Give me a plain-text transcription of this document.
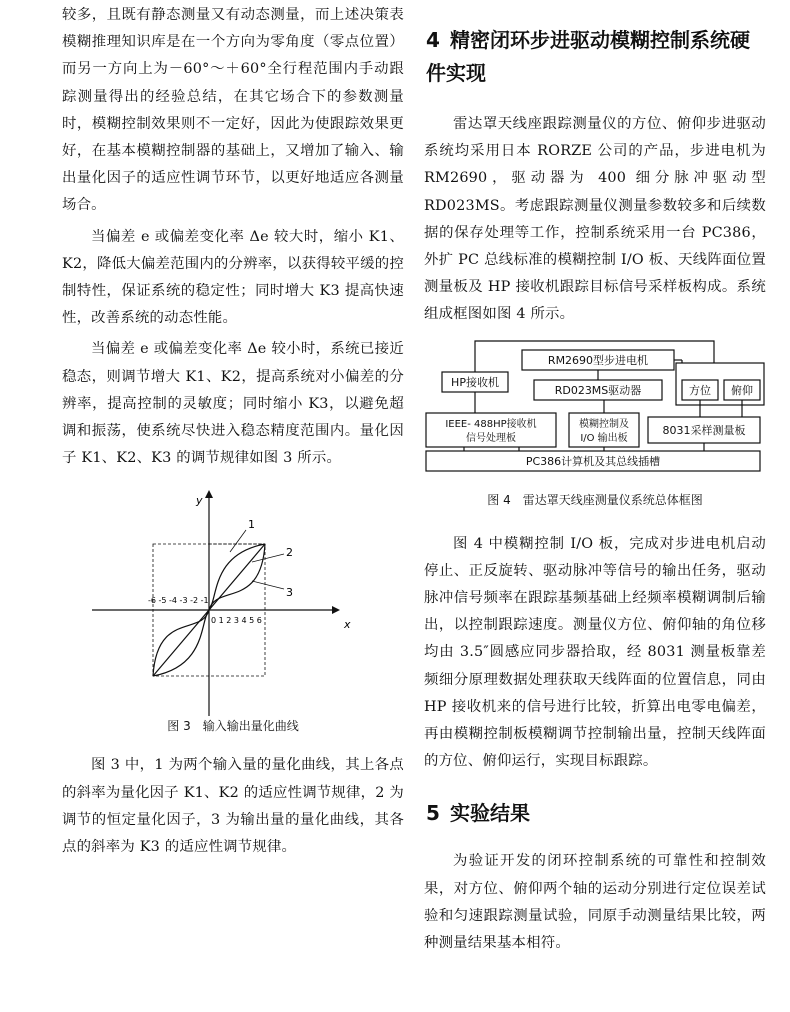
较多，且既有静态测量又有动态测量，而上述决策表模糊推理知识库是在一个方向为零角度（零点位置）而另一方向上为－60°～＋60°全行程范围内手动跟踪测量得出的经验总结，在其它场合下的参数测量时，模糊控制效果则不一定好，因此为使跟踪效果更好，在基本模糊控制器的基础上，又增加了输入、输出量化因子的适应性调节环节，以更好地适应各测量场合。

当偏差 e 或偏差变化率 Δe 较大时，缩小 K1、K2，降低大偏差范围内的分辨率，以获得较平缓的控制特性，保证系统的稳定性；同时增大 K3 提高快速性，改善系统的动态性能。

当偏差 e 或偏差变化率 Δe 较小时，系统已接近稳态，则调节增大 K1、K2，提高系统对小偏差的分辨率，提高控制的灵敏度；同时缩小 K3，以避免超调和振荡，使系统尽快进入稳态精度范围内。量化因子 K1、K2、K3 的调节规律如图 3 所示。

y
x
1
2
3
-6 -5 -4 -3 -2 -1
0 1 2 3 4 5 6

图 3　输入输出量化曲线

图 3 中，1 为两个输入量的量化曲线，其上各点的斜率为量化因子 K1、K2 的适应性调节规律，2 为调节的恒定量化因子，3 为输出量的量化曲线，其各点的斜率为 K3 的适应性调节规律。

4 精密闭环步进驱动模糊控制系统硬件实现

雷达罩天线座跟踪测量仪的方位、俯仰步进驱动系统均采用日本 RORZE 公司的产品，步进电机为 RM2690，驱动器为 400 细分脉冲驱动型 RD023MS。考虑跟踪测量仪测量参数较多和后续数据的保存处理等工作，控制系统采用一台 PC386，外扩 PC 总线标准的模糊控制 I/O 板、天线阵面位置测量板及 HP 接收机跟踪目标信号采样板构成。系统组成框图如图 4 所示。

RM2690型步进电机
HP接收机
RD023MS驱动器	方位 俯仰
IEEE- 488HP接收机
信号处理板
模糊控制及
I/O 输出板
8031采样测量板
PC386计算机及其总线插槽

图 4　雷达罩天线座测量仪系统总体框图

图 4 中模糊控制 I/O 板，完成对步进电机启动停止、正反旋转、驱动脉冲等信号的输出任务，驱动脉冲信号频率在跟踪基频基础上经频率模糊调制后输出，以控制跟踪速度。测量仪方位、俯仰轴的角位移均由 3.5″圆感应同步器拾取，经 8031 测量板靠差频细分原理数据处理获取天线阵面的位置信息，同由 HP 接收机来的信号进行比较，折算出电零电偏差，再由模糊控制板模糊调节控制输出量，控制天线阵面的方位、俯仰运行，实现目标跟踪。

5 实验结果

为验证开发的闭环控制系统的可靠性和控制效果，对方位、俯仰两个轴的运动分别进行定位误差试验和匀速跟踪测量试验，同原手动测量结果比较，两种测量结果基本相符。
